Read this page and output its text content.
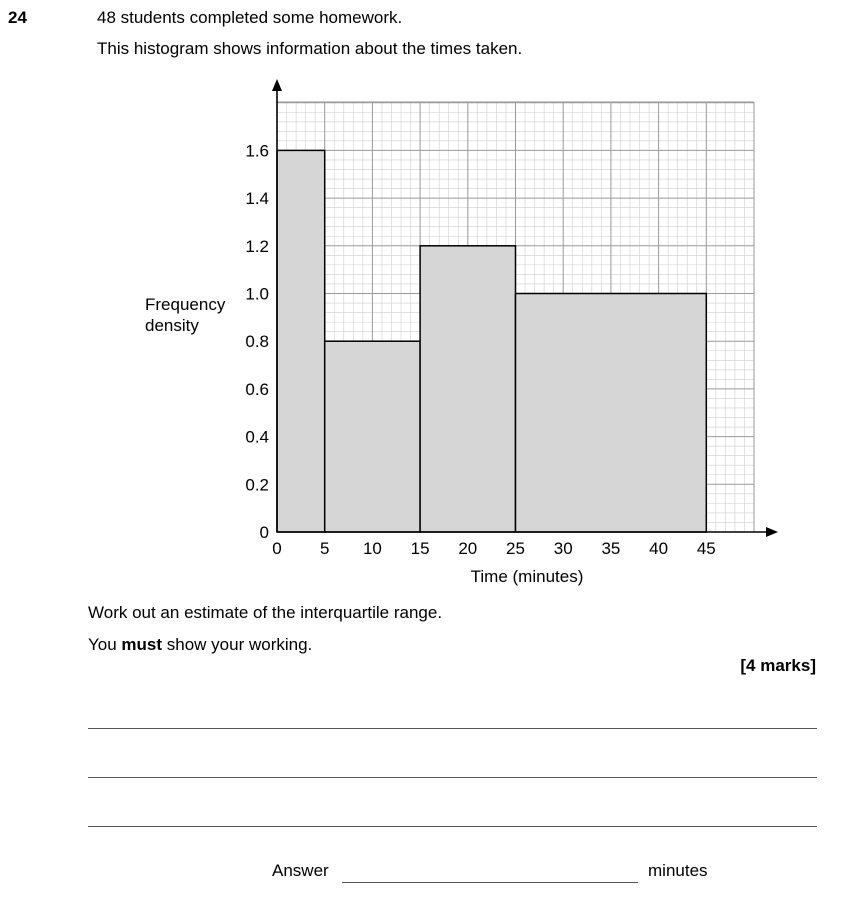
24	48 students completed some homework.
This histogram shows information about the times taken.
0 5 10 15 20 25 30 35 40 45
0
0.2
0.4
0.6
0.8
1.0
1.2
1.4
1.6
Frequency
density
Time (minutes)
Work out an estimate of the interquartile range.
You must show your working.
[4 marks]
Answer	minutes
